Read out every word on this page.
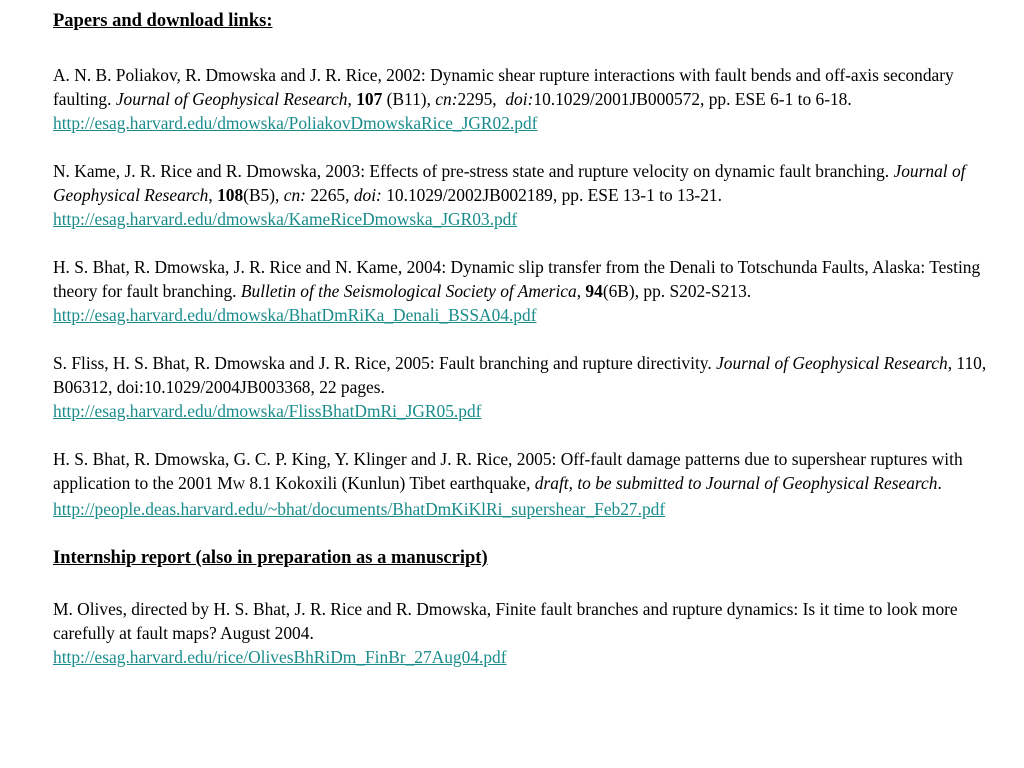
Papers and download links:

A. N. B. Poliakov, R. Dmowska and J. R. Rice, 2002: Dynamic shear rupture interactions with fault bends and off-axis secondary faulting. Journal of Geophysical Research, 107 (B11), cn:2295, doi:10.1029/2001JB000572, pp. ESE 6-1 to 6-18.

http://esag.harvard.edu/dmowska/PoliakovDmowskaRice_JGR02.pdf

N. Kame, J. R. Rice and R. Dmowska, 2003: Effects of pre-stress state and rupture velocity on dynamic fault branching. Journal of Geophysical Research, 108(B5), cn: 2265, doi: 10.1029/2002JB002189, pp. ESE 13-1 to 13-21.

http://esag.harvard.edu/dmowska/KameRiceDmowska_JGR03.pdf

H. S. Bhat, R. Dmowska, J. R. Rice and N. Kame, 2004: Dynamic slip transfer from the Denali to Totschunda Faults, Alaska: Testing theory for fault branching. Bulletin of the Seismological Society of America, 94(6B), pp. S202-S213.

http://esag.harvard.edu/dmowska/BhatDmRiKa_Denali_BSSA04.pdf

S. Fliss, H. S. Bhat, R. Dmowska and J. R. Rice, 2005: Fault branching and rupture directivity. Journal of Geophysical Research, 110, B06312, doi:10.1029/2004JB003368, 22 pages.

http://esag.harvard.edu/dmowska/FlissBhatDmRi_JGR05.pdf

H. S. Bhat, R. Dmowska, G. C. P. King, Y. Klinger and J. R. Rice, 2005: Off-fault damage patterns due to supershear ruptures with application to the 2001 MW 8.1 Kokoxili (Kunlun) Tibet earthquake, draft, to be submitted to Journal of Geophysical Research.

http://people.deas.harvard.edu/~bhat/documents/BhatDmKiKlRi_supershear_Feb27.pdf
Internship report (also in preparation as a manuscript)

M. Olives, directed by H. S. Bhat, J. R. Rice and R. Dmowska, Finite fault branches and rupture dynamics: Is it time to look more carefully at fault maps? August 2004.

http://esag.harvard.edu/rice/OlivesBhRiDm_FinBr_27Aug04.pdf
